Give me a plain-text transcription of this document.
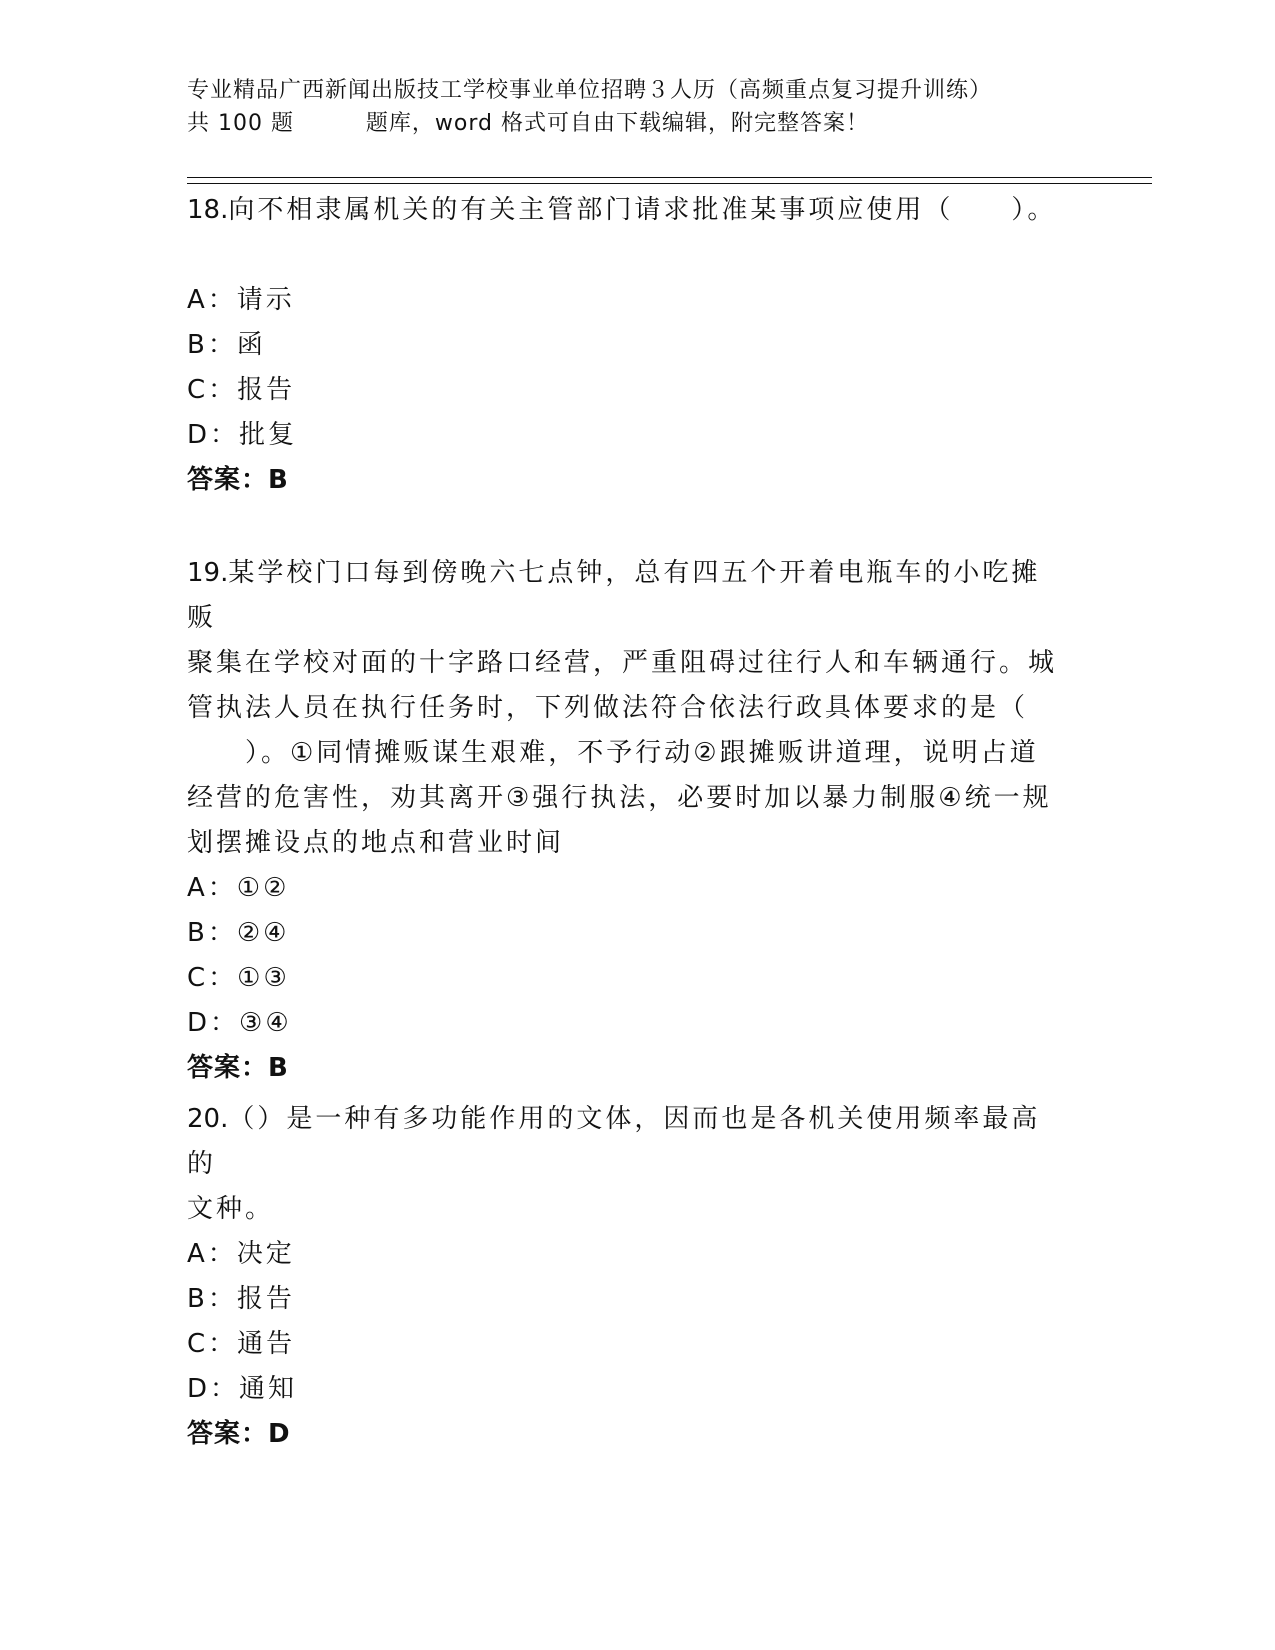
专业精品广西新闻出版技工学校事业单位招聘３人历（高频重点复习提升训练）
共 100 题         题库，word 格式可自由下载编辑，附完整答案！
18.向不相隶属机关的有关主管部门请求批准某事项应使用（　　）。
A：请示
B：函
C：报告
D：批复
答案：B
19.某学校门口每到傍晚六七点钟，总有四五个开着电瓶车的小吃摊贩
聚集在学校对面的十字路口经营，严重阻碍过往行人和车辆通行。城
管执法人员在执行任务时，下列做法符合依法行政具体要求的是（
　　）。①同情摊贩谋生艰难，不予行动②跟摊贩讲道理，说明占道
经营的危害性，劝其离开③强行执法，必要时加以暴力制服④统一规
划摆摊设点的地点和营业时间
A：①②
B：②④
C：①③
D：③④
答案：B
20.（）是一种有多功能作用的文体，因而也是各机关使用频率最高的
文种。
A：决定
B：报告
C：通告
D：通知
答案：D
